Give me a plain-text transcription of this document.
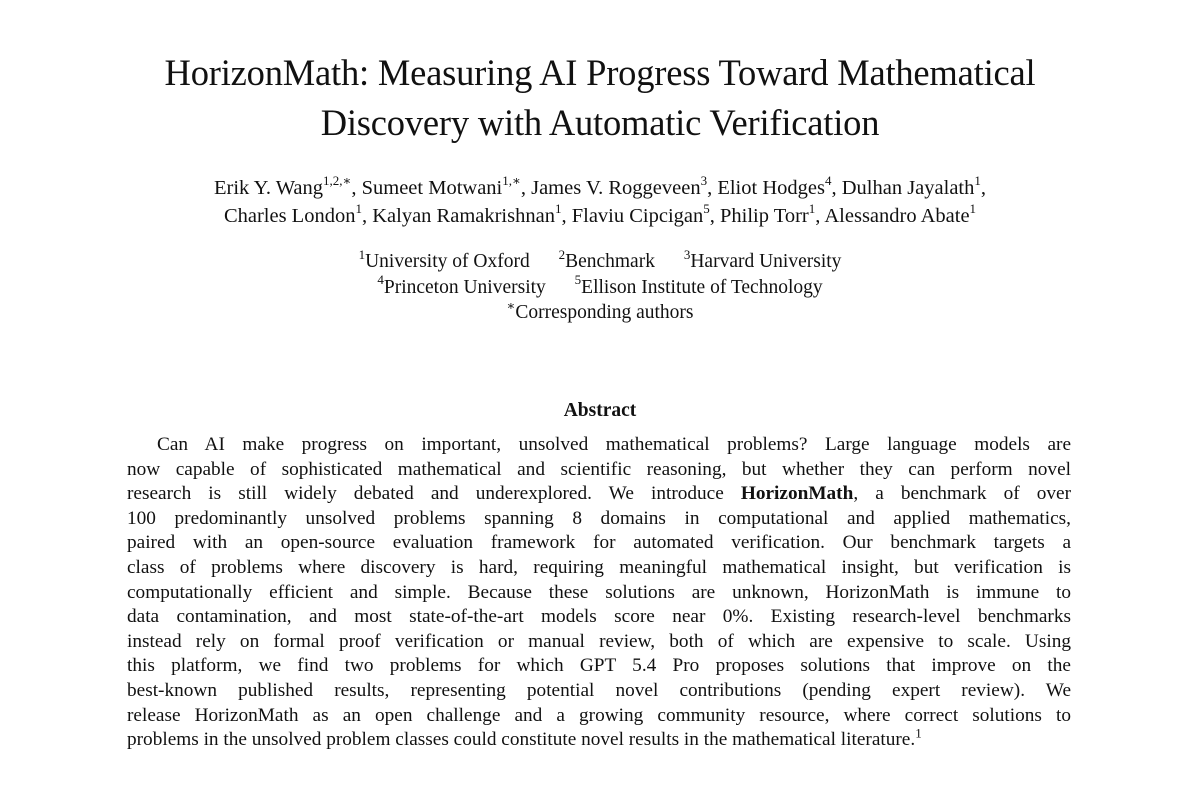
HorizonMath: Measuring AI Progress Toward Mathematical
Discovery with Automatic Verification
Erik Y. Wang$^{1,2,∗}$, Sumeet Motwani$^{1,∗}$, James V. Roggeveen$^3$, Eliot Hodges$^4$, Dulhan Jayalath$^1$,
Charles London$^1$, Kalyan Ramakrishnan$^1$, Flaviu Cipcigan$^5$, Philip Torr$^1$, Alessandro Abate$^1$
$^1$University of Oxford $^2$Benchmark $^3$Harvard University
$^4$Princeton University $^5$Ellison Institute of Technology
∗Corresponding authors
Abstract
Can AI make progress on important, unsolved mathematical problems? Large language models are
now capable of sophisticated mathematical and scientific reasoning, but whether they can perform novel
research is still widely debated and underexplored. We introduce HorizonMath, a benchmark of over
100 predominantly unsolved problems spanning 8 domains in computational and applied mathematics,
paired with an open-source evaluation framework for automated verification. Our benchmark targets a
class of problems where discovery is hard, requiring meaningful mathematical insight, but verification is
computationally efficient and simple. Because these solutions are unknown, HorizonMath is immune to
data contamination, and most state-of-the-art models score near 0%. Existing research-level benchmarks
instead rely on formal proof verification or manual review, both of which are expensive to scale. Using
this platform, we find two problems for which GPT 5.4 Pro proposes solutions that improve on the
best-known published results, representing potential novel contributions (pending expert review). We
release HorizonMath as an open challenge and a growing community resource, where correct solutions to
problems in the unsolved problem classes could constitute novel results in the mathematical literature.$^1$
